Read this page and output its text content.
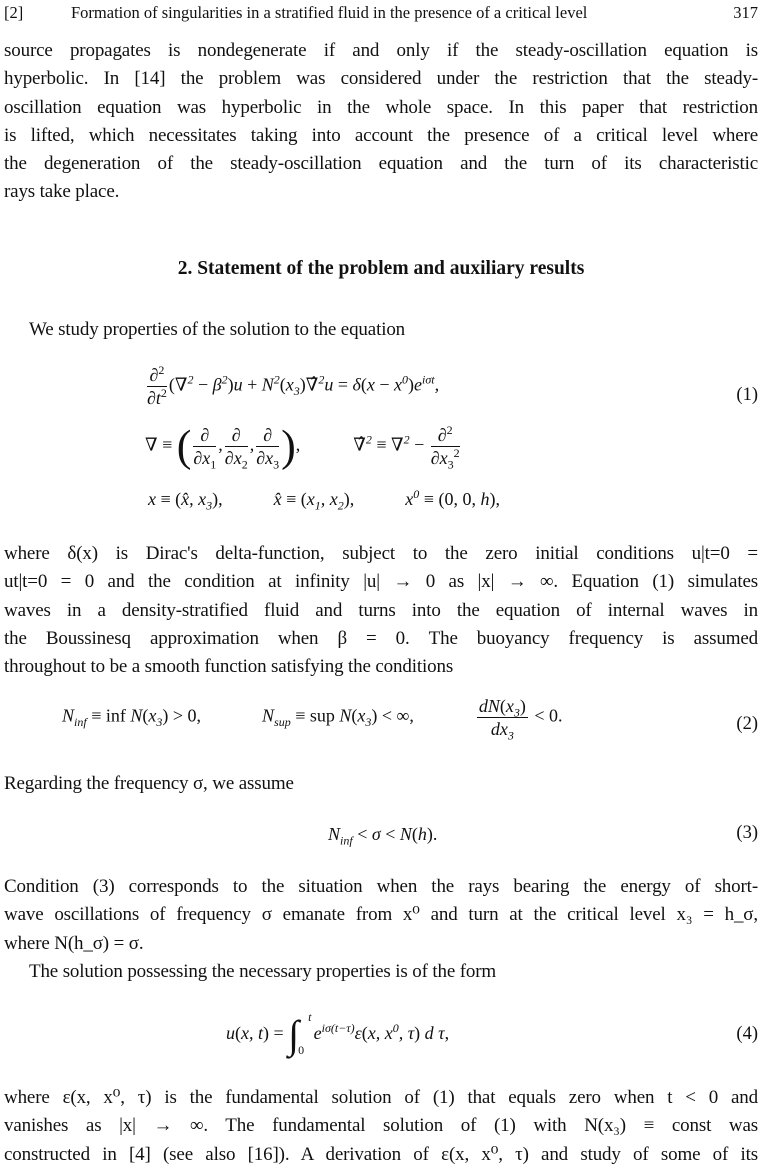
[2]	Formation of singularities in a stratified fluid in the presence of a critical level	317
source propagates is nondegenerate if and only if the steady-oscillation equation is
hyperbolic. In [14] the problem was considered under the restriction that the steady-
oscillation equation was hyperbolic in the whole space. In this paper that restriction
is lifted, which necessitates taking into account the presence of a critical level where
the degeneration of the steady-oscillation equation and the turn of its characteristic
rays take place.
2. Statement of the problem and auxiliary results
We study properties of the solution to the equation
$\frac{\partial^2}{\partial t^2} (\nabla^2 - \beta^2)u$ + $N^2(x_3)\nablâ^2u = \delta(x - x^0)e^{i\sigma t}$,
(1)
∇ ≡ ( $\frac{\partial}{\partial x_1}$ , $\frac{\partial}{\partial x_2}$ , $\frac{\partial}{\partial x_3}$ ),	∇̂$^2$ ≡ $\nabla^2 - \frac{\partial^2}{\partial x_3^2}$
x ≡ (x̂, $x_3$),	x̂ ≡ ($x_1$, $x_2$),	$x^0 \equiv (0$, 0, h),
where δ(x) is Dirac's delta-function, subject to the zero initial conditions u|t=0 =
ut|t=0 = 0 and the condition at infinity |u| → 0 as |x| → ∞. Equation (1) simulates
waves in a density-stratified fluid and turns into the equation of internal waves in
the Boussinesq approximation when β = 0. The buoyancy frequency is assumed
throughout to be a smooth function satisfying the conditions
$N_{inf}$ ≡ inf $N(x_3) > 0$,	$N_{sup}$ ≡ sup $N(x_3)$ < ∞,	$\frac{dN(x_3)}{dx_3} < 0$.	(2)
Regarding the frequency σ, we assume
$N_{inf} < \sigma < N(h)$.	(3)
Condition (3) corresponds to the situation when the rays bearing the energy of short-
wave oscillations of frequency σ emanate from x⁰ and turn at the critical level x₃ = h_σ,
where N(h_σ) = σ.
The solution possessing the necessary properties is of the form
u(x, t) = ∫ t
0
$e^{i\sigma(t-\tau)}\varepsilon(x$, $x^0$, τ) d τ,	(4)
where ε(x, x⁰, τ) is the fundamental solution of (1) that equals zero when t < 0 and
vanishes as |x| → ∞. The fundamental solution of (1) with N(x₃) ≡ const was
constructed in [4] (see also [16]). A derivation of ε(x, x⁰, τ) and study of some of its
